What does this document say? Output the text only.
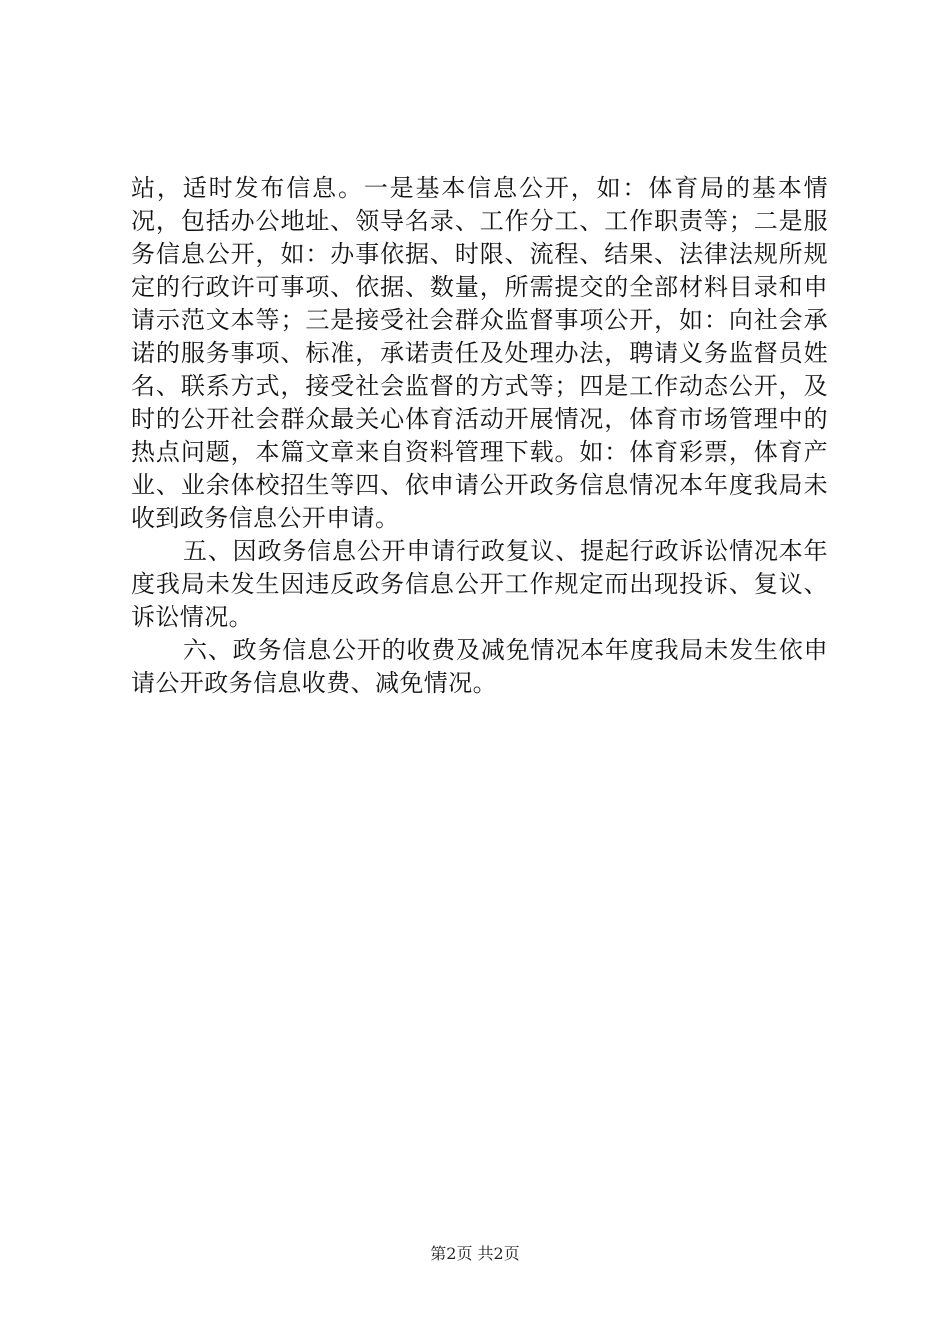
站，适时发布信息。一是基本信息公开，如：体育局的基本情况，包括办公地址、领导名录、工作分工、工作职责等；二是服务信息公开，如：办事依据、时限、流程、结果、法律法规所规定的行政许可事项、依据、数量，所需提交的全部材料目录和申请示范文本等；三是接受社会群众监督事项公开，如：向社会承诺的服务事项、标准，承诺责任及处理办法，聘请义务监督员姓名、联系方式，接受社会监督的方式等；四是工作动态公开，及时的公开社会群众最关心体育活动开展情况，体育市场管理中的热点问题，本篇文章来自资料管理下载。如：体育彩票，体育产业、业余体校招生等四、依申请公开政务信息情况本年度我局未收到政务信息公开申请。

五、因政务信息公开申请行政复议、提起行政诉讼情况本年度我局未发生因违反政务信息公开工作规定而出现投诉、复议、诉讼情况。

六、政务信息公开的收费及减免情况本年度我局未发生依申请公开政务信息收费、减免情况。

第2页 共2页
